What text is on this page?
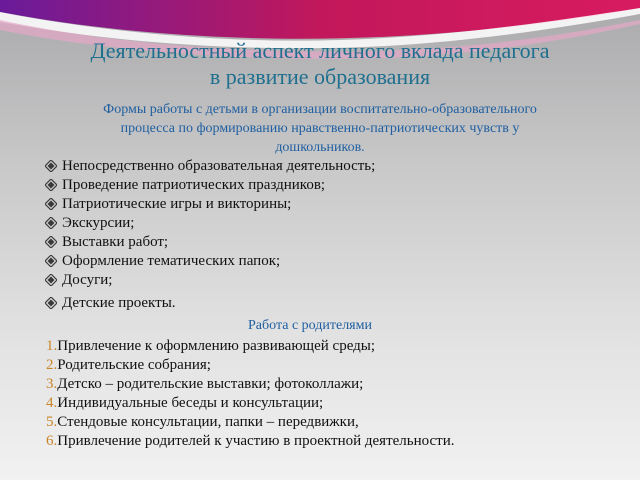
Деятельностный аспект личного вклада педагога
в развитие образования
Формы работы с детьми в организации воспитательно-образовательного
процесса по формированию нравственно-патриотических чувств у
дошкольников.
Непосредственно образовательная деятельность;
Проведение патриотических праздников;
Патриотические игры и викторины;
Экскурсии;
Выставки работ;
Оформление тематических папок;
Досуги;
Детские проекты.
Работа с родителями
1.Привлечение к оформлению развивающей среды;
2.Родительские собрания;
3.Детско – родительские выставки; фотоколлажи;
4.Индивидуальные беседы и консультации;
5.Стендовые консультации, папки – передвижки,
6.Привлечение родителей к участию в проектной деятельности.
